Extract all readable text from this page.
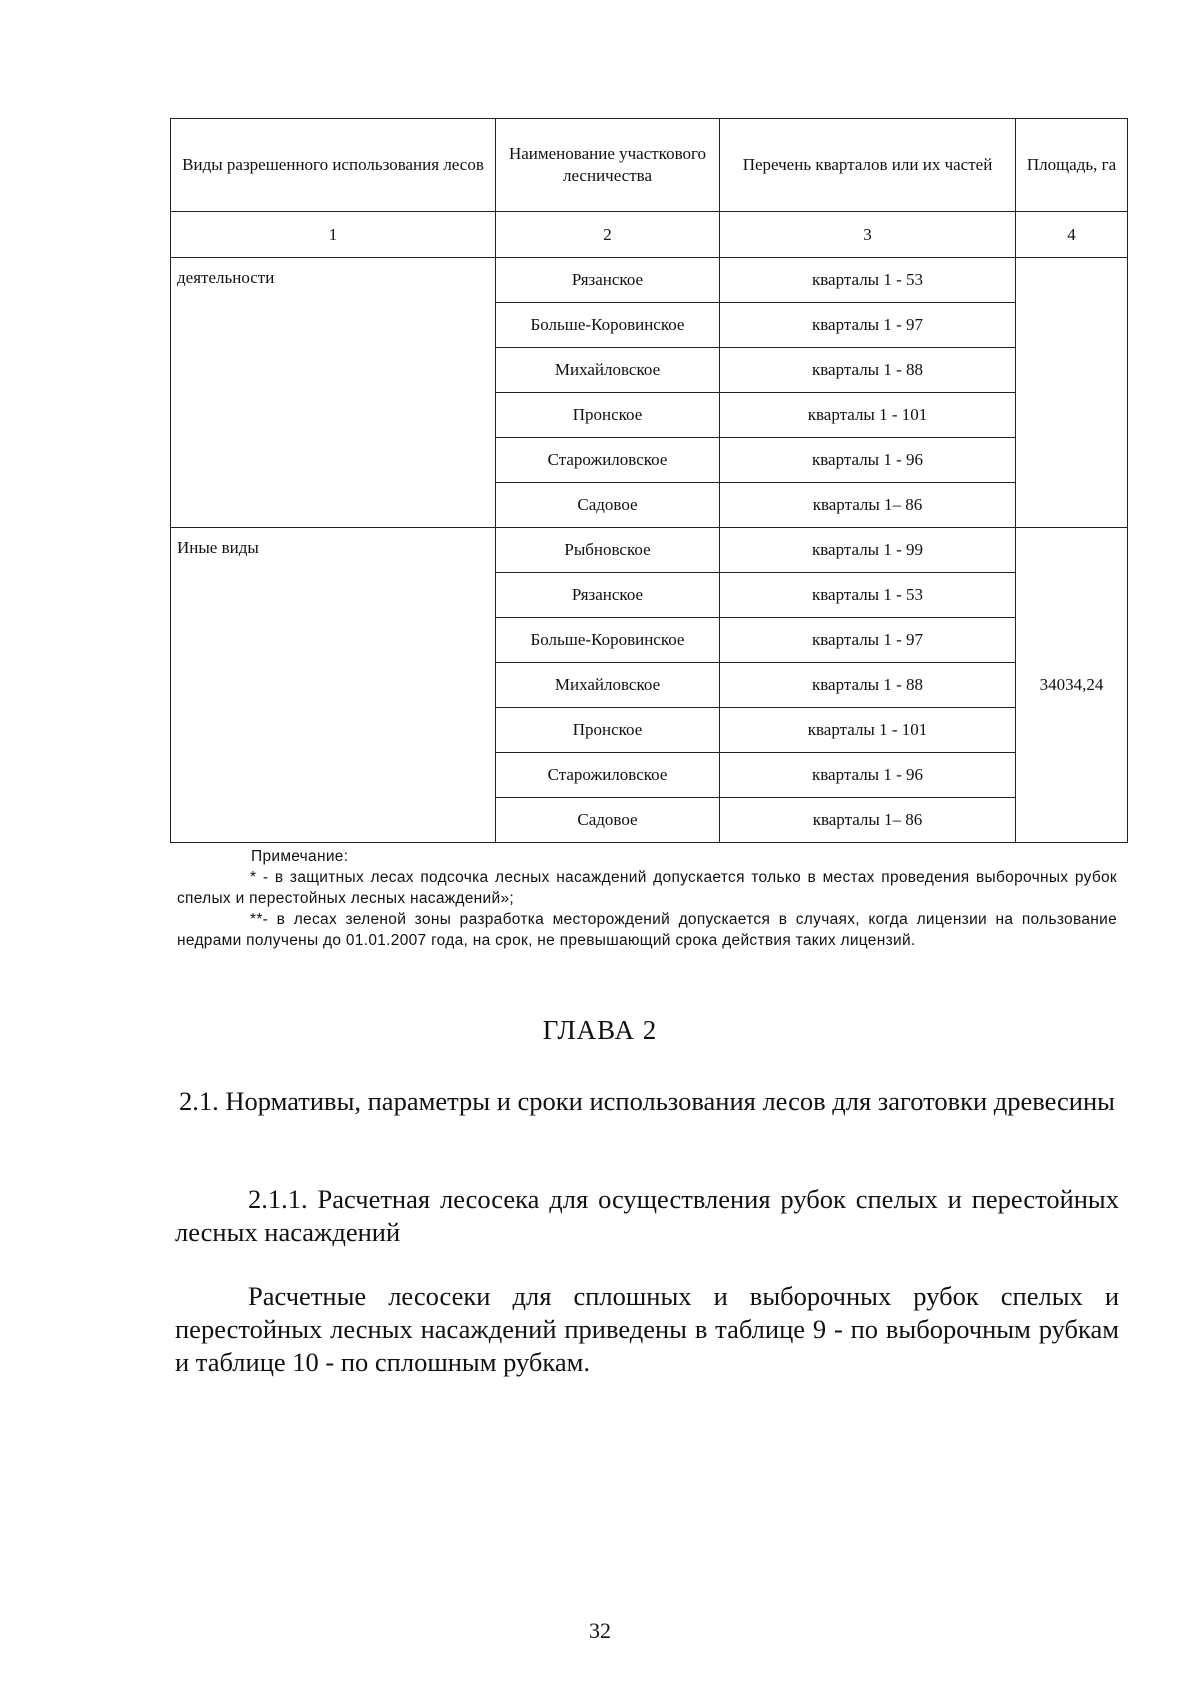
Виды разрешенного использования лесов	Наименование участкового лесничества	Перечень кварталов или их частей	Площадь, га
1	2	3	4
деятельности	Рязанское	кварталы 1 - 53	
	Больше-Коровинское	кварталы 1 - 97	
	Михайловское	кварталы 1 - 88	
	Пронское	кварталы 1 - 101	
	Старожиловское	кварталы 1 - 96	
	Садовое	кварталы 1– 86	
Иные виды	Рыбновское	кварталы 1 - 99	34034,24
	Рязанское	кварталы 1 - 53	
	Больше-Коровинское	кварталы 1 - 97	
	Михайловское	кварталы 1 - 88	
	Пронское	кварталы 1 - 101	
	Старожиловское	кварталы 1 - 96	
	Садовое	кварталы 1– 86	
Примечание:

* - в защитных лесах подсочка лесных насаждений допускается только в местах проведения выборочных рубок спелых и перестойных лесных насаждений»;

**- в лесах зеленой зоны разработка месторождений допускается в случаях, когда лицензии на пользование недрами получены до 01.01.2007 года, на срок, не превышающий срока действия таких лицензий.

ГЛАВА 2
2.1. Нормативы, параметры и сроки использования лесов для заготовки древесины
2.1.1. Расчетная лесосека для осуществления рубок спелых и перестойных лесных насаждений
Расчетные лесосеки для сплошных и выборочных рубок спелых и перестойных лесных насаждений приведены в таблице 9 - по выборочным рубкам и таблице 10 - по сплошным рубкам.
32
